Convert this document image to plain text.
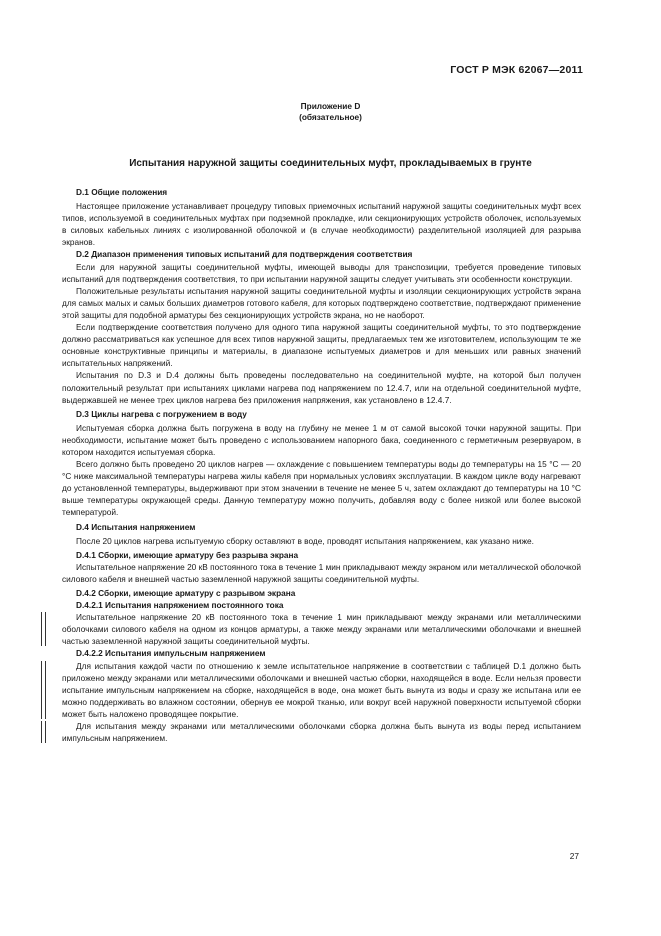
ГОСТ Р МЭК 62067—2011
Приложение D
(обязательное)
Испытания наружной защиты соединительных муфт, прокладываемых в грунте

D.1 Общие положения

Настоящее приложение устанавливает процедуру типовых приемочных испытаний наружной защиты соединительных муфт всех типов, используемой в соединительных муфтах при подземной прокладке, или секционирующих устройств оболочек, используемых в силовых кабельных линиях с изолированной оболочкой и (в случае необходимости) разделительной изоляцией для разрыва экранов.

D.2 Диапазон применения типовых испытаний для подтверждения соответствия

Если для наружной защиты соединительной муфты, имеющей выводы для транспозиции, требуется проведение типовых испытаний для подтверждения соответствия, то при испытании наружной защиты следует учитывать эти особенности конструкции.

Положительные результаты испытания наружной защиты соединительной муфты и изоляции секционирующих устройств экрана для самых малых и самых больших диаметров готового кабеля, для которых подтверждено соответствие, подтверждают применение этой защиты для подобной арматуры без секционирующих устройств экрана, но не наоборот.

Если подтверждение соответствия получено для одного типа наружной защиты соединительной муфты, то это подтверждение должно рассматриваться как успешное для всех типов наружной защиты, предлагаемых тем же изготовителем, использующим те же основные конструктивные принципы и материалы, в диапазоне испытуемых диаметров и для меньших или равных значений испытательных напряжений.

Испытания по D.3 и D.4 должны быть проведены последовательно на соединительной муфте, на которой был получен положительный результат при испытаниях циклами нагрева под напряжением по 12.4.7, или на отдельной соединительной муфте, выдержавшей не менее трех циклов нагрева без приложения напряжения, как установлено в 12.4.7.

D.3 Циклы нагрева с погружением в воду

Испытуемая сборка должна быть погружена в воду на глубину не менее 1 м от самой высокой точки наружной защиты. При необходимости, испытание может быть проведено с использованием напорного бака, соединенного с герметичным резервуаром, в котором находится испытуемая сборка.

Всего должно быть проведено 20 циклов нагрев — охлаждение с повышением температуры воды до температуры на 15 °С — 20 °С ниже максимальной температуры нагрева жилы кабеля при нормальных условиях эксплуатации. В каждом цикле воду нагревают до установленной температуры, выдерживают при этом значении в течение не менее 5 ч, затем охлаждают до температуры на 10 °С выше температуры окружающей среды. Данную температуру можно получить, добавляя воду с более низкой или более высокой температурой.

D.4 Испытания напряжением

После 20 циклов нагрева испытуемую сборку оставляют в воде, проводят испытания напряжением, как указано ниже.

D.4.1 Сборки, имеющие арматуру без разрыва экрана

Испытательное напряжение 20 кВ постоянного тока в течение 1 мин прикладывают между экраном или металлической оболочкой силового кабеля и внешней частью заземленной наружной защиты соединительной муфты.

D.4.2 Сборки, имеющие арматуру с разрывом экрана

D.4.2.1 Испытания напряжением постоянного тока

Испытательное напряжение 20 кВ постоянного тока в течение 1 мин прикладывают между экранами или металлическими оболочками силового кабеля на одном из концов арматуры, а также между экранами или металлическими оболочками и внешней частью заземленной наружной защиты соединительной муфты.

D.4.2.2 Испытания импульсным напряжением

Для испытания каждой части по отношению к земле испытательное напряжение в соответствии с таблицей D.1 должно быть приложено между экранами или металлическими оболочками и внешней частью сборки, находящейся в воде. Если нельзя провести испытание импульсным напряжением на сборке, находящейся в воде, она может быть вынута из воды и сразу же испытана или ее можно поддерживать во влажном состоянии, обернув ее мокрой тканью, или вокруг всей наружной поверхности испытуемой сборки может быть наложено проводящее покрытие.

Для испытания между экранами или металлическими оболочками сборка должна быть вынута из воды перед испытанием импульсным напряжением.

27
